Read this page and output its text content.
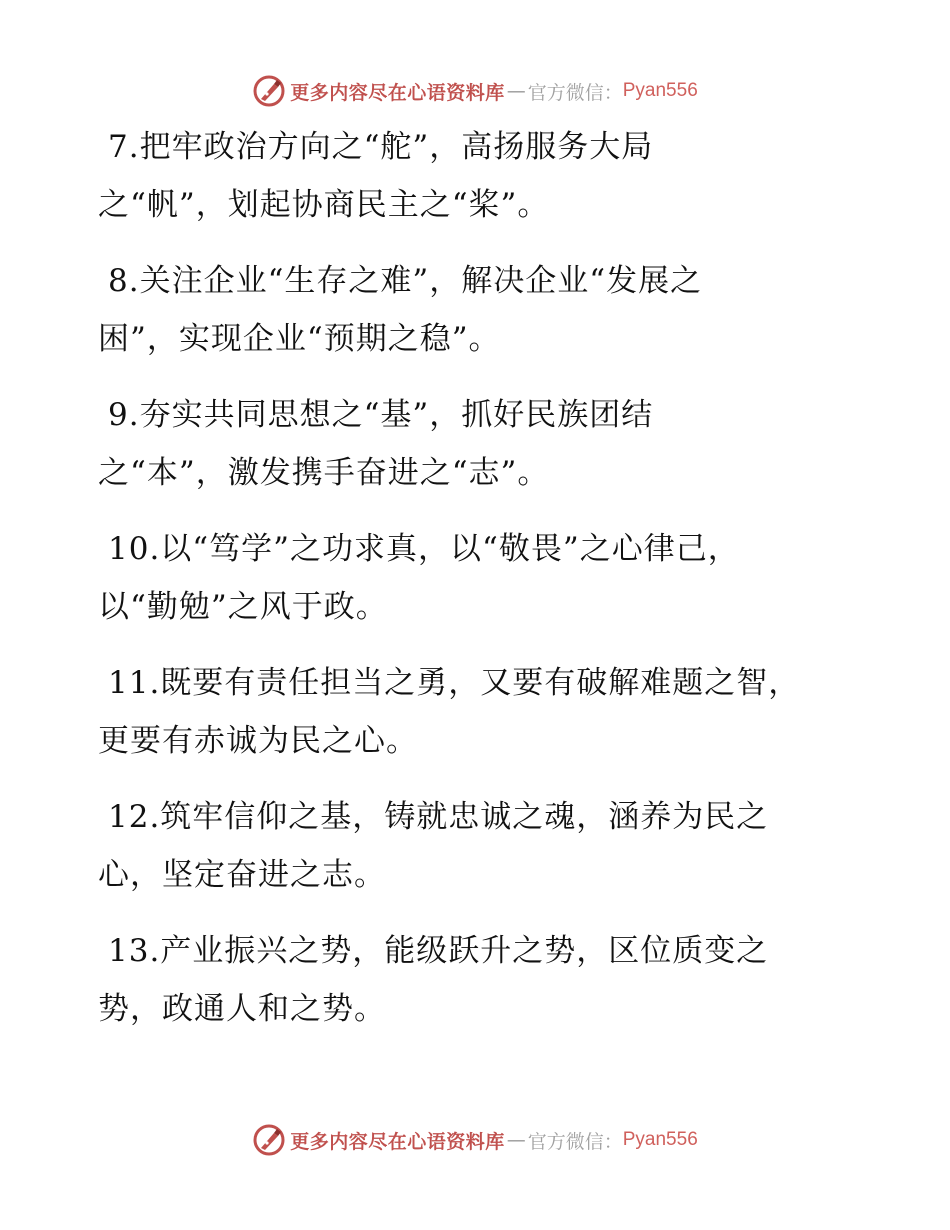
更多内容尽在心语资料库 — 官方微信： Pyan556
7.把牢政治方向之“舵”，高扬服务大局
之“帆”，划起协商民主之“桨”。
8.关注企业“生存之难”，解决企业“发展之
困”，实现企业“预期之稳”。
9.夯实共同思想之“基”，抓好民族团结
之“本”，激发携手奋进之“志”。
10.以“笃学”之功求真，以“敬畏”之心律己，
以“勤勉”之风于政。
11.既要有责任担当之勇，又要有破解难题之智，
更要有赤诚为民之心。
12.筑牢信仰之基，铸就忠诚之魂，涵养为民之
心，坚定奋进之志。
13.产业振兴之势，能级跃升之势，区位质变之
势，政通人和之势。
更多内容尽在心语资料库 — 官方微信： Pyan556
